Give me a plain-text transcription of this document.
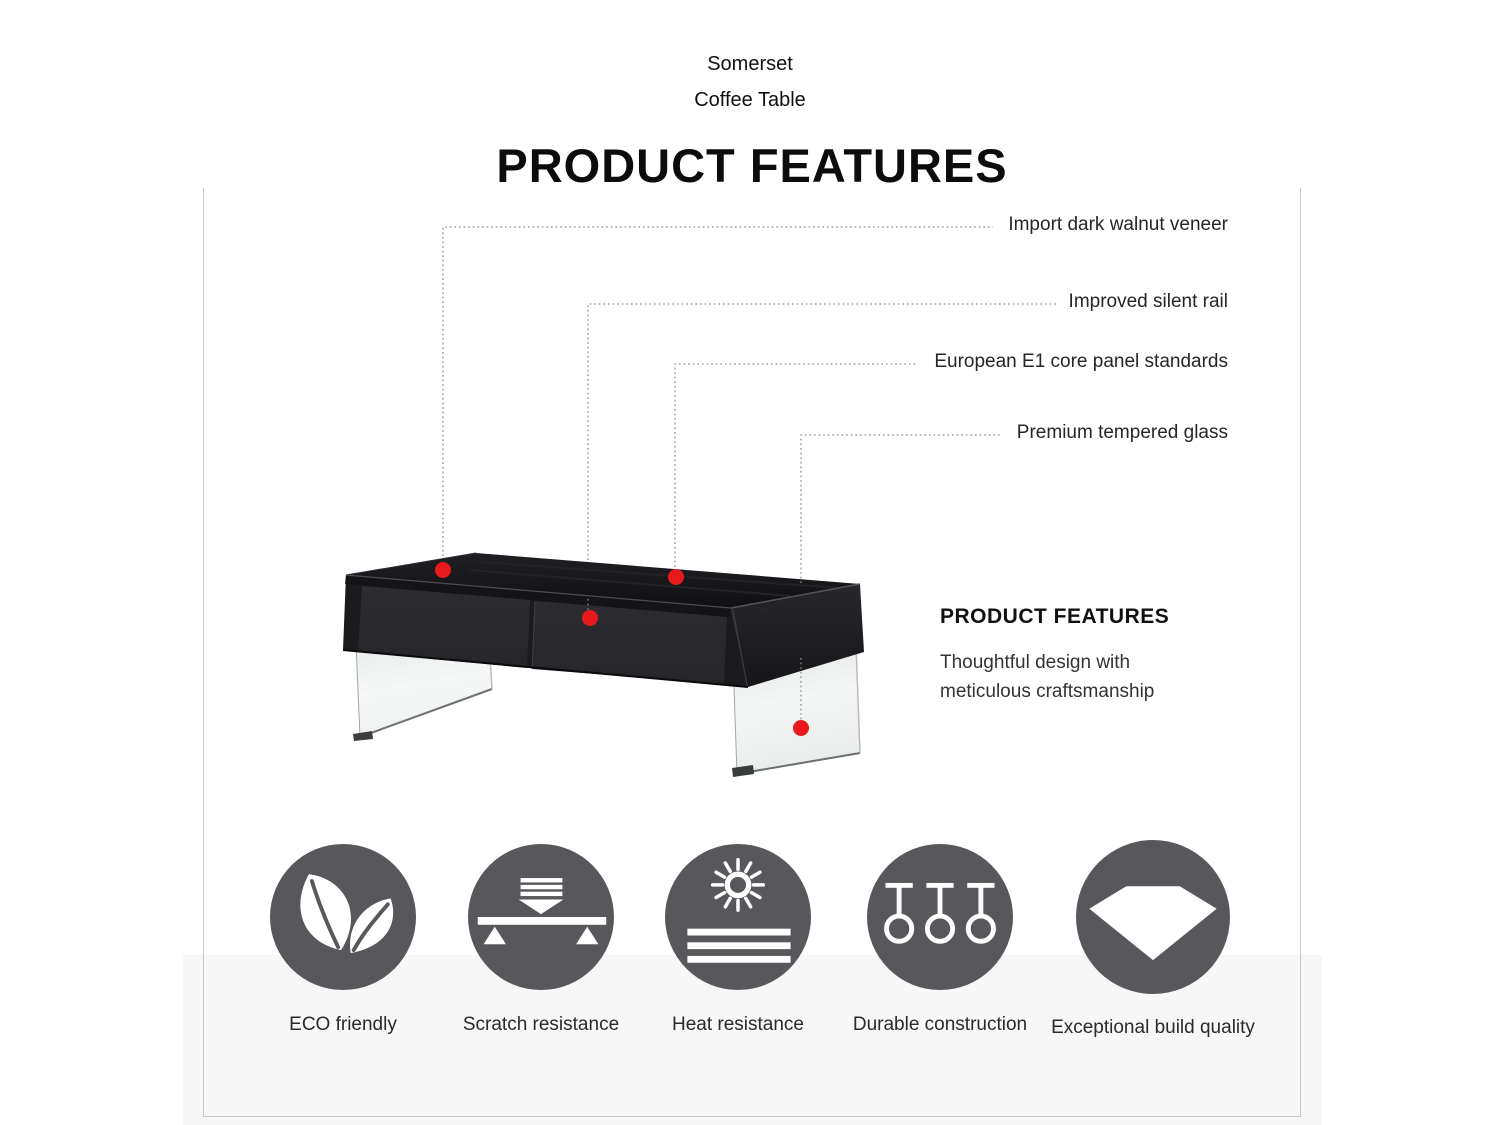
Somerset
Coffee Table
PRODUCT FEATURES
Import dark walnut veneer
Improved silent rail
European E1 core panel standards
Premium tempered glass
PRODUCT FEATURES
Thoughtful design with
meticulous craftsmanship
ECO friendly	Scratch resistance	Heat resistance	Durable construction	Exceptional build quality
